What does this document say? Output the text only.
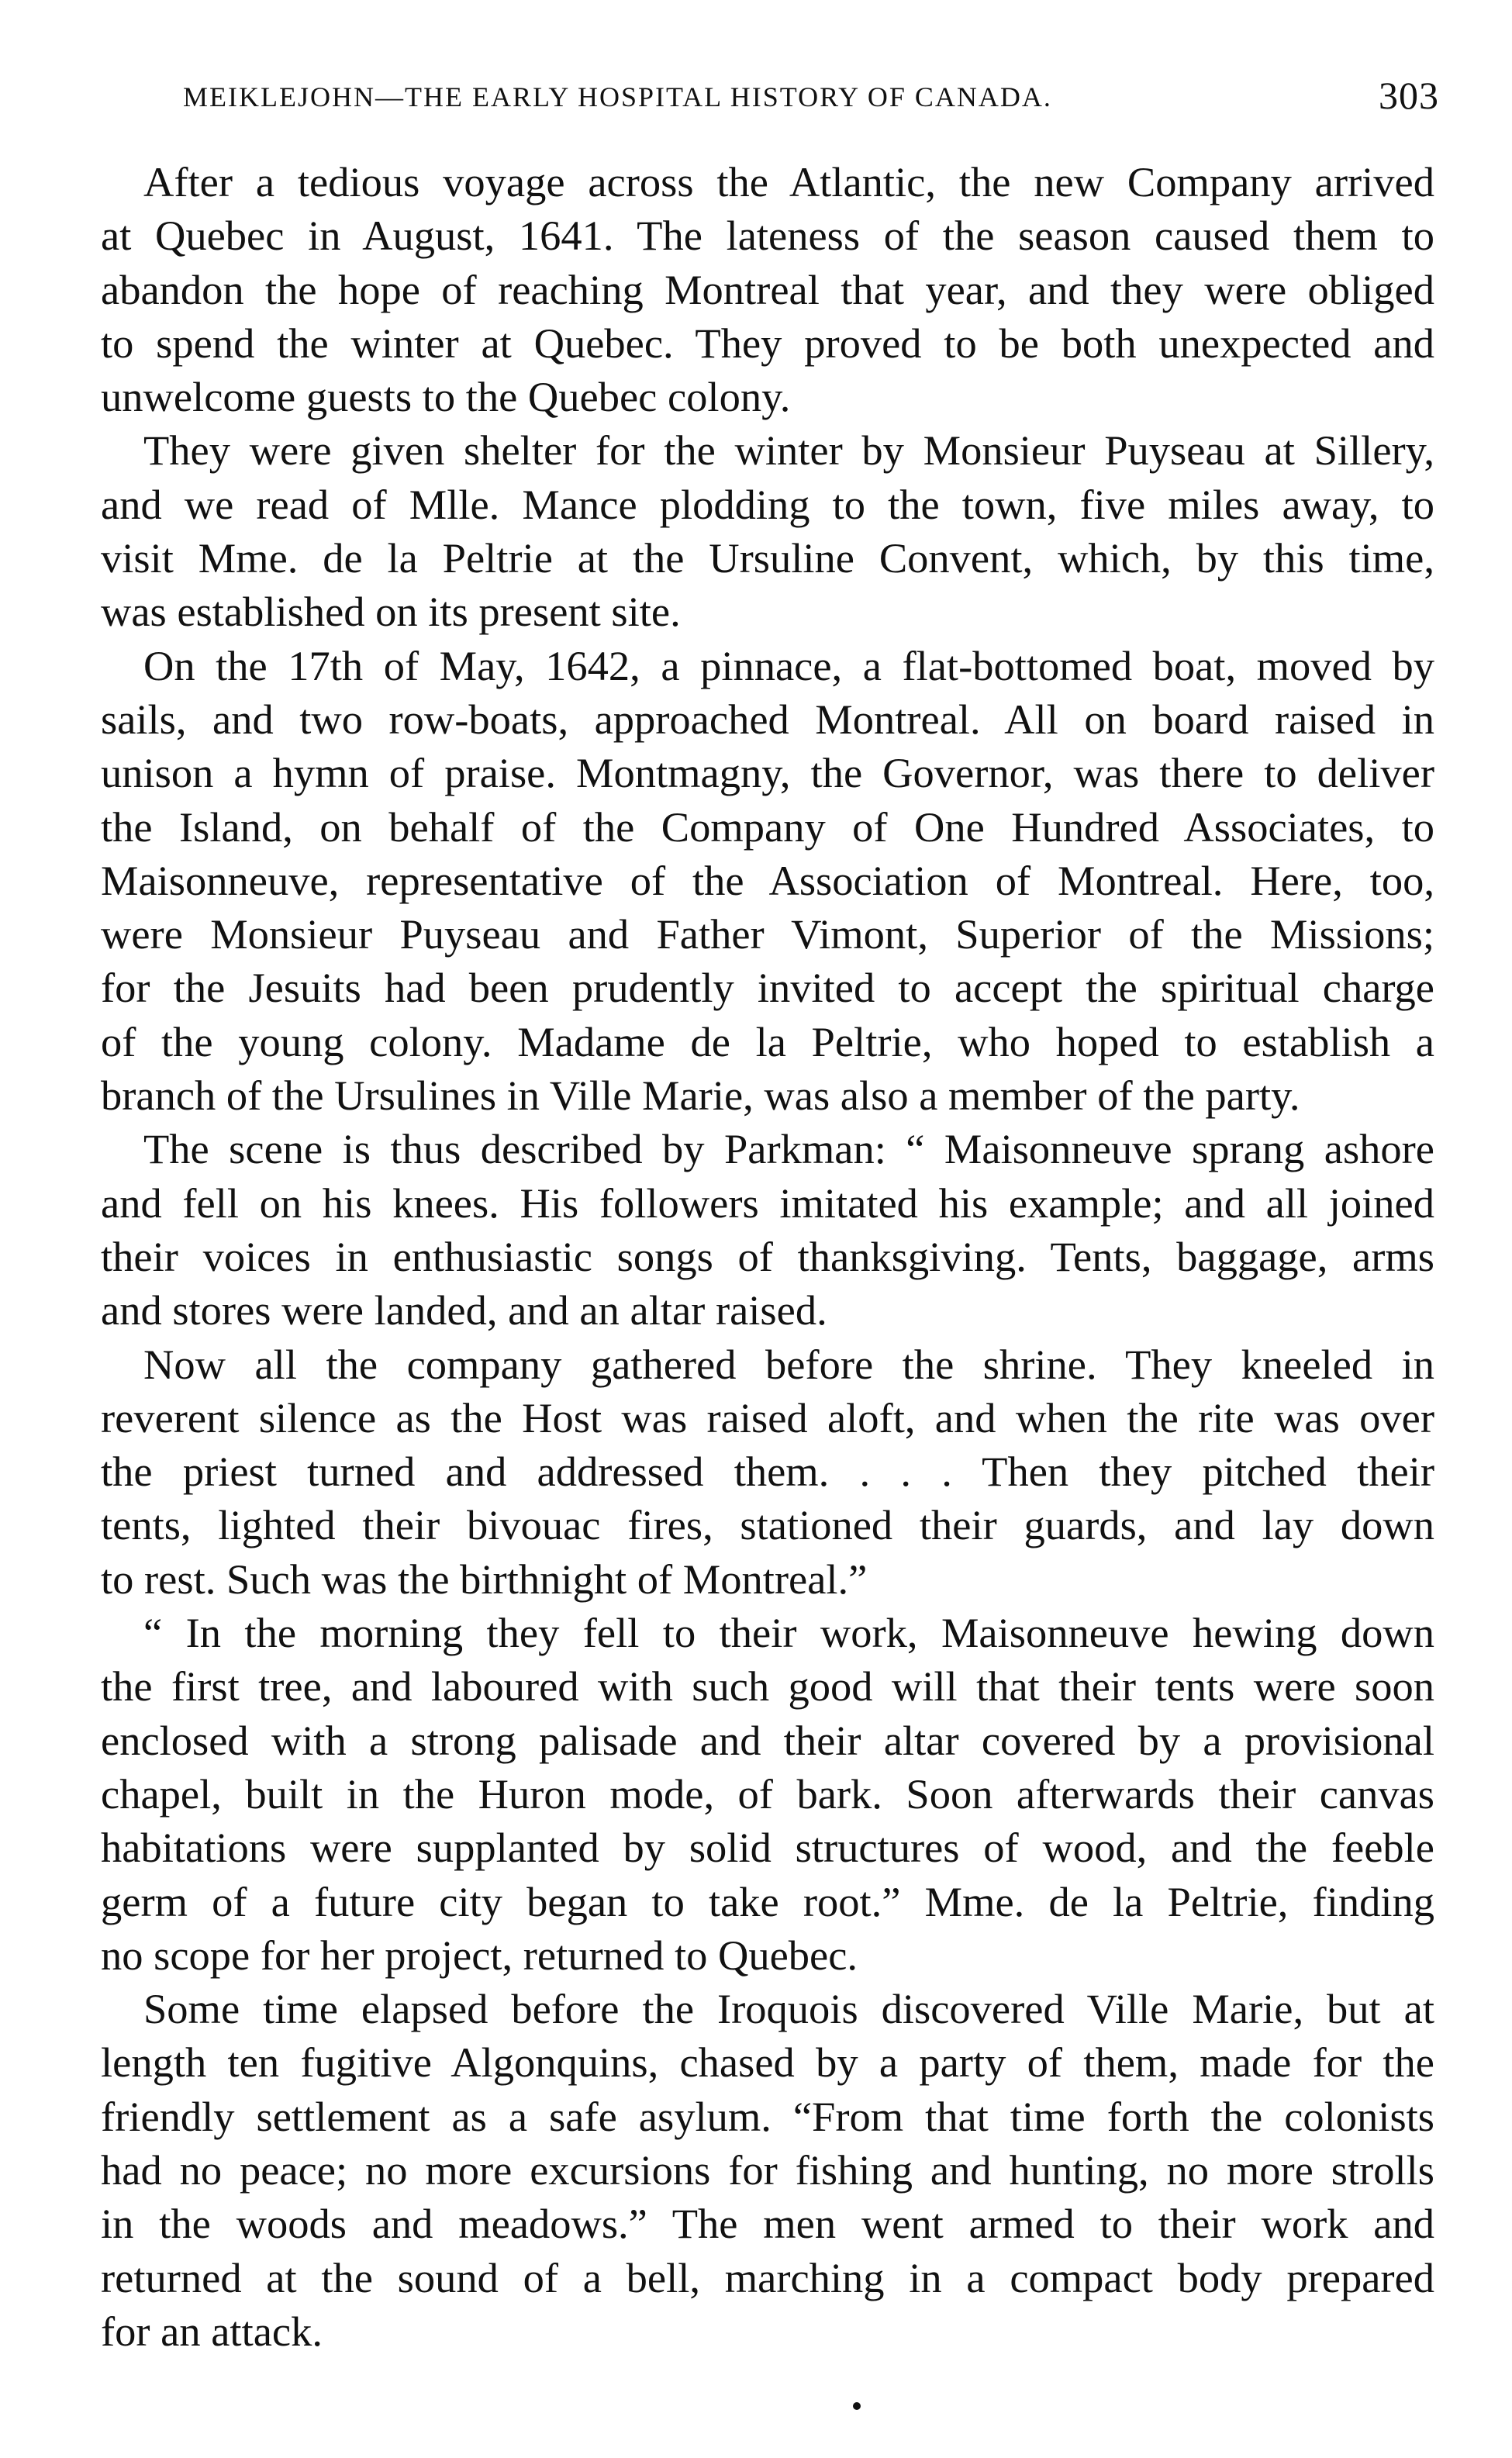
MEIKLEJOHN—THE EARLY HOSPITAL HISTORY OF CANADA.	303
After a tedious voyage across the Atlantic, the new Company arrived
at Quebec in August, 1641. The lateness of the season caused them to
abandon the hope of reaching Montreal that year, and they were obliged
to spend the winter at Quebec. They proved to be both unexpected and
unwelcome guests to the Quebec colony.
They were given shelter for the winter by Monsieur Puyseau at Sillery,
and we read of Mlle. Mance plodding to the town, five miles away, to
visit Mme. de la Peltrie at the Ursuline Convent, which, by this time,
was established on its present site.
On the 17th of May, 1642, a pinnace, a flat-bottomed boat, moved by
sails, and two row-boats, approached Montreal. All on board raised in
unison a hymn of praise. Montmagny, the Governor, was there to deliver
the Island, on behalf of the Company of One Hundred Associates, to
Maisonneuve, representative of the Association of Montreal. Here, too,
were Monsieur Puyseau and Father Vimont, Superior of the Missions;
for the Jesuits had been prudently invited to accept the spiritual charge
of the young colony. Madame de la Peltrie, who hoped to establish a
branch of the Ursulines in Ville Marie, was also a member of the party.
The scene is thus described by Parkman: “ Maisonneuve sprang ashore
and fell on his knees. His followers imitated his example; and all joined
their voices in enthusiastic songs of thanksgiving. Tents, baggage, arms
and stores were landed, and an altar raised.
Now all the company gathered before the shrine. They kneeled in
reverent silence as the Host was raised aloft, and when the rite was over
the priest turned and addressed them. . . . Then they pitched their
tents, lighted their bivouac fires, stationed their guards, and lay down
to rest. Such was the birthnight of Montreal.”
“ In the morning they fell to their work, Maisonneuve hewing down
the first tree, and laboured with such good will that their tents were soon
enclosed with a strong palisade and their altar covered by a provisional
chapel, built in the Huron mode, of bark. Soon afterwards their canvas
habitations were supplanted by solid structures of wood, and the feeble
germ of a future city began to take root.” Mme. de la Peltrie, finding
no scope for her project, returned to Quebec.
Some time elapsed before the Iroquois discovered Ville Marie, but at
length ten fugitive Algonquins, chased by a party of them, made for the
friendly settlement as a safe asylum. “From that time forth the colonists
had no peace; no more excursions for fishing and hunting, no more strolls
in the woods and meadows.” The men went armed to their work and
returned at the sound of a bell, marching in a compact body prepared
for an attack.
